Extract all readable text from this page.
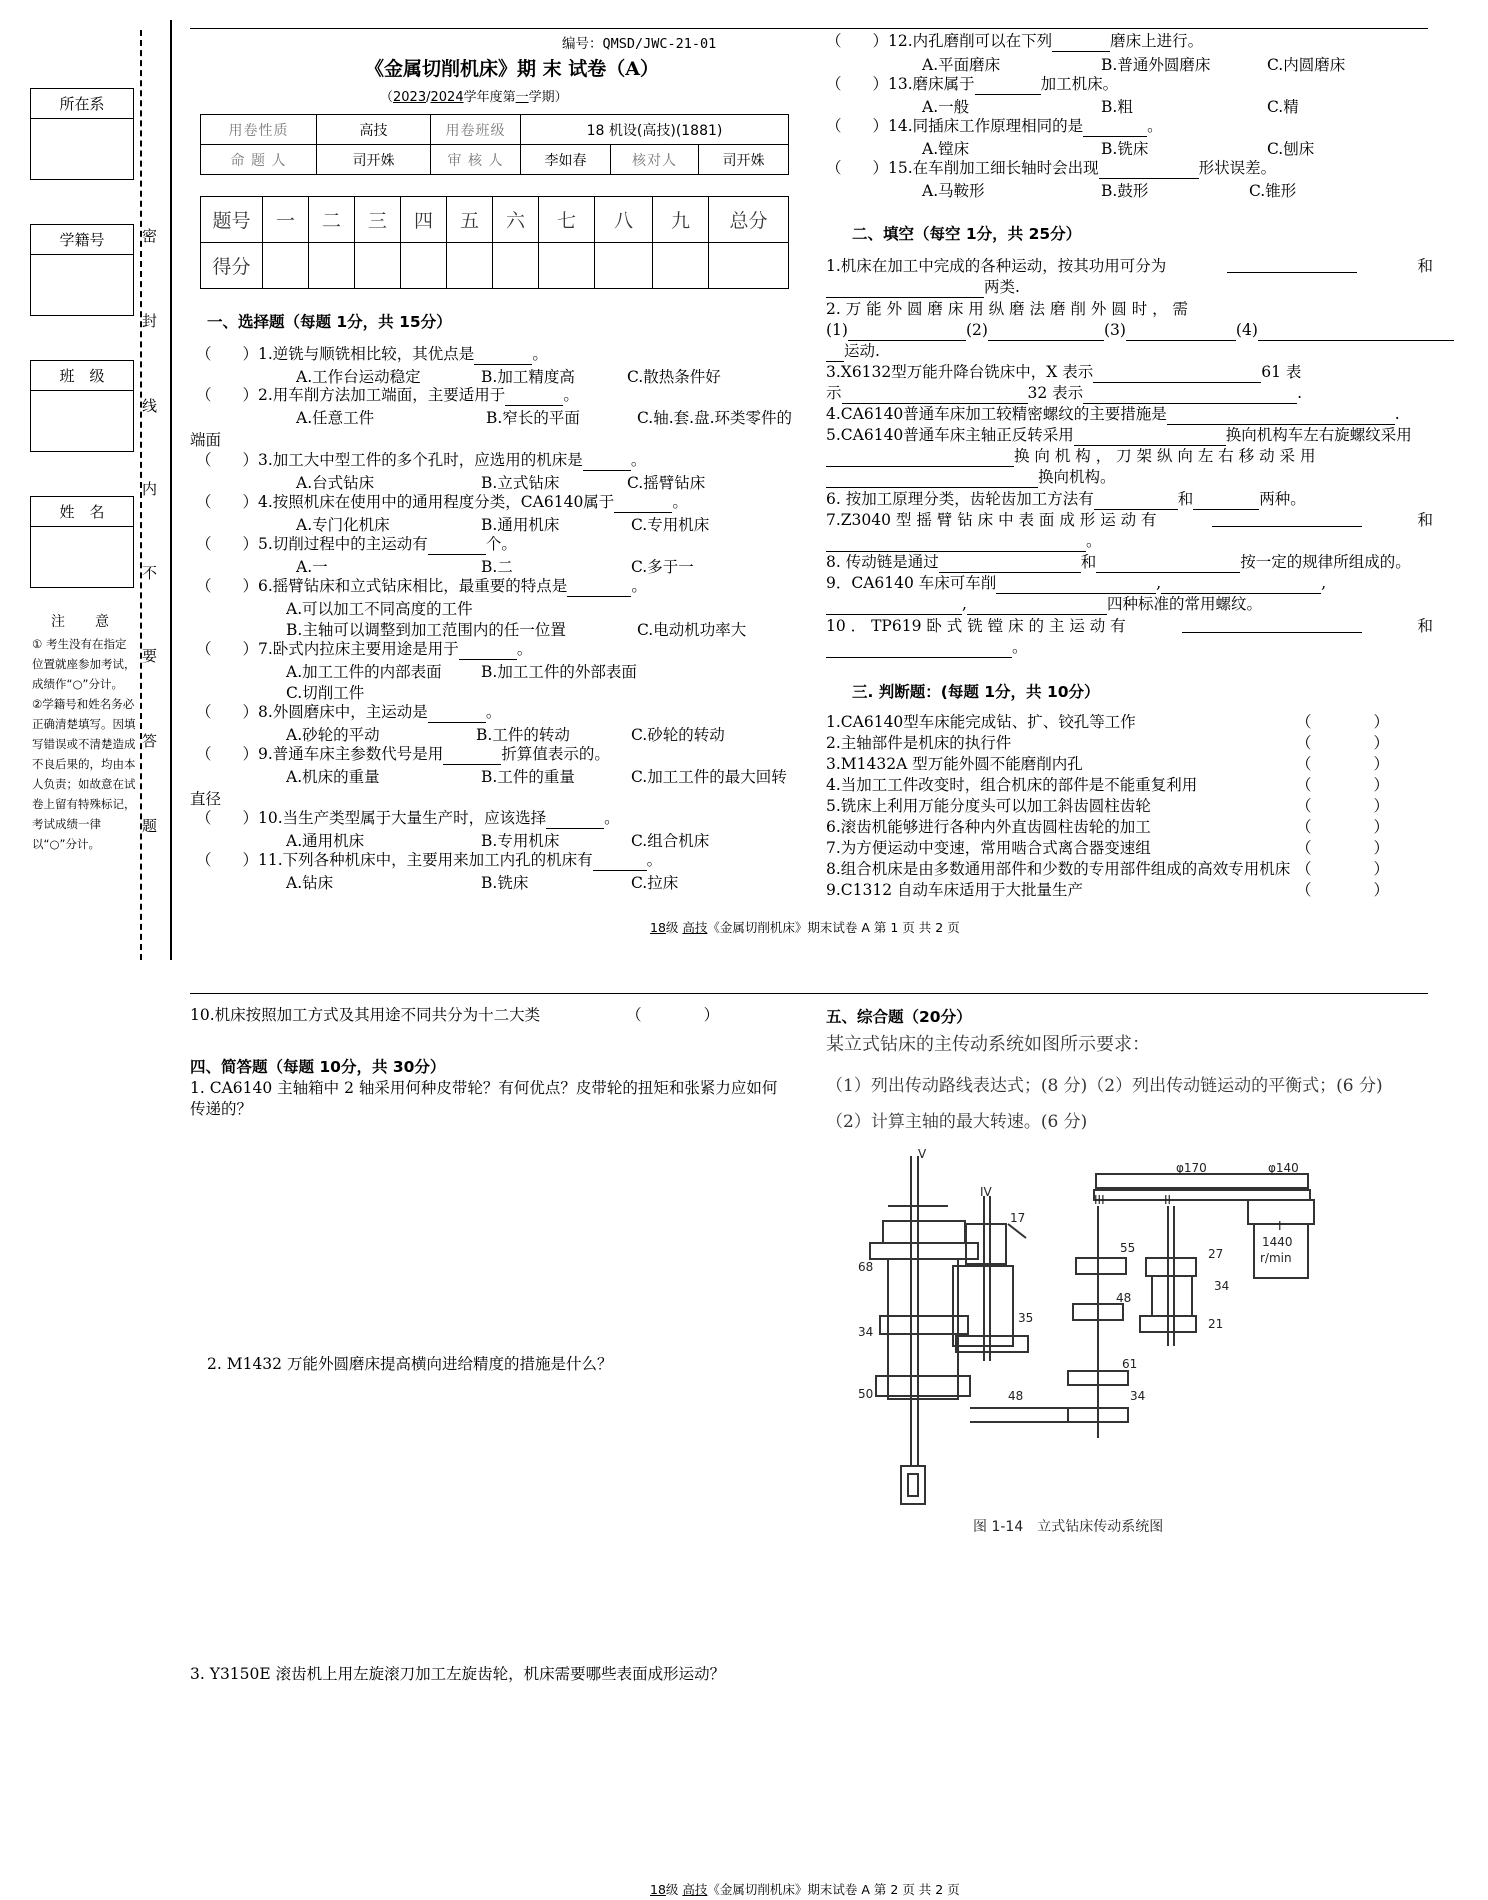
所在系
学籍号
班　级
姓　名
密
封
线
内
不
要
答
题
注　意
① 考生没有在指定位置就座参加考试，成绩作“○”分计。
②学籍号和姓名务必正确清楚填写。因填写错误或不清楚造成不良后果的，均由本人负责；如故意在试卷上留有特殊标记，考试成绩一律以“○”分计。
编号：QMSD/JWC-21-01
《金属切削机床》期 末 试卷（A）
（2023/2024学年度第一学期）
用卷性质	高技	用卷班级	18 机设(高技)(1881)		
命 题 人	司开姝	审 核 人	李如春	核对人	司开姝
题号	一	二	三	四	五	六	七	八	九	总分
得分										
一、选择题（每题 1分，共 15分）
（　　）1.逆铣与顺铣相比较，其优点是	。
A.工作台运动稳定	B.加工精度高	C.散热条件好
（　　）2.用车削方法加工端面，主要适用于	。
A.任意工件	B.窄长的平面	C.轴.套.盘.环类零件的
端面
（　　）3.加工大中型工件的多个孔时，应选用的机床是	。
A.台式钻床	B.立式钻床	C.摇臂钻床
（　　）4.按照机床在使用中的通用程度分类，CA6140属于	。
A.专门化机床	B.通用机床	C.专用机床
（　　）5.切削过程中的主运动有	个。
A.一	B.二	C.多于一
（　　）6.摇臂钻床和立式钻床相比，最重要的特点是	。
A.可以加工不同高度的工件
B.主轴可以调整到加工范围内的任一位置	C.电动机功率大
（　　）7.卧式内拉床主要用途是用于	。
A.加工工件的内部表面	B.加工工件的外部表面
C.切削工件
（　　）8.外圆磨床中，主运动是	。
A.砂轮的平动	B.工件的转动	C.砂轮的转动
（　　）9.普通车床主参数代号是用	折算值表示的。
A.机床的重量	B.工件的重量	C.加工工件的最大回转
直径
（　　）10.当生产类型属于大量生产时，应该选择	。
A.通用机床	B.专用机床	C.组合机床
（　　）11.下列各种机床中，主要用来加工内孔的机床有	。
A.钻床	B.铣床	C.拉床
（　　）12.内孔磨削可以在下列	磨床上进行。
A.平面磨床	B.普通外圆磨床	C.内圆磨床
（　　）13.磨床属于	加工机床。
A.一般	B.粗	C.精
（　　）14.同插床工作原理相同的是	。
A.镗床	B.铣床	C.刨床
（　　）15.在车削加工细长轴时会出现	形状误差。
A.马鞍形	B.鼓形	C.锥形
二、填空（每空 1分，共 25分）
1.机床在加工中完成的各种运动，按其功用可分为	和
两类.
2. 万 能 外 圆 磨 床 用 纵 磨 法 磨 削 外 圆 时 ， 需
(1)	(2)	(3)	(4)
运动.
3.X6132型万能升降台铣床中，X 表示	61 表
示	32 表示	.
4.CA6140普通车床加工较精密螺纹的主要措施是	.
5.CA6140普通车床主轴正反转采用	换向机构车左右旋螺纹采用
换 向 机 构 ， 刀 架 纵 向 左 右 移 动 采 用
换向机构。
6. 按加工原理分类，齿轮齿加工方法有	和	两种。
7.Z3040 型 摇 臂 钻 床 中 表 面 成 形 运 动 有	和
。
8. 传动链是通过	和	按一定的规律所组成的。
9．CA6140 车床可车削	,	,
,	四种标准的常用螺纹。
10 ． TP619 卧 式 铣 镗 床 的 主 运 动 有	和
。
三. 判断题：(每题 1分，共 10分）
1.CA6140型车床能完成钻、扩、铰孔等工作	（　　　　）
2.主轴部件是机床的执行件	（　　　　）
3.M1432A 型万能外圆不能磨削内孔	（　　　　）
4.当加工工件改变时，组合机床的部件是不能重复利用	（　　　　）
5.铣床上利用万能分度头可以加工斜齿圆柱齿轮	（　　　　）
6.滚齿机能够进行各种内外直齿圆柱齿轮的加工	（　　　　）
7.为方便运动中变速，常用啮合式离合器变速组	（　　　　）
8.组合机床是由多数通用部件和少数的专用部件组成的高效专用机床 （　　　　）
9.C1312 自动车床适用于大批量生产	（　　　　）
18级 高技《金属切削机床》期末试卷 A 第 1 页 共 2 页
10.机床按照加工方式及其用途不同共分为十二大类	（　　　　）
四、简答题（每题 10分，共 30分）
1. CA6140 主轴箱中 2 轴采用何种皮带轮？有何优点？皮带轮的扭矩和张紧力应如何
传递的？
2. M1432 万能外圆磨床提高横向进给精度的措施是什么？
3. Y3150E 滚齿机上用左旋滚刀加工左旋齿轮，机床需要哪些表面成形运动？
五、综合题（20分）
某立式钻床的主传动系统如图所示要求：
（1）列出传动路线表达式；(8 分)（2）列出传动链运动的平衡式；(6 分)
（2）计算主轴的最大转速。(6 分)
V
IV
III	II
I
68
34
50
17
35
55
48
61
48	34
27
34
21
φ170	φ140
1440
r/min
图 1-14　立式钻床传动系统图
18级 高技《金属切削机床》期末试卷 A 第 2 页 共 2 页
